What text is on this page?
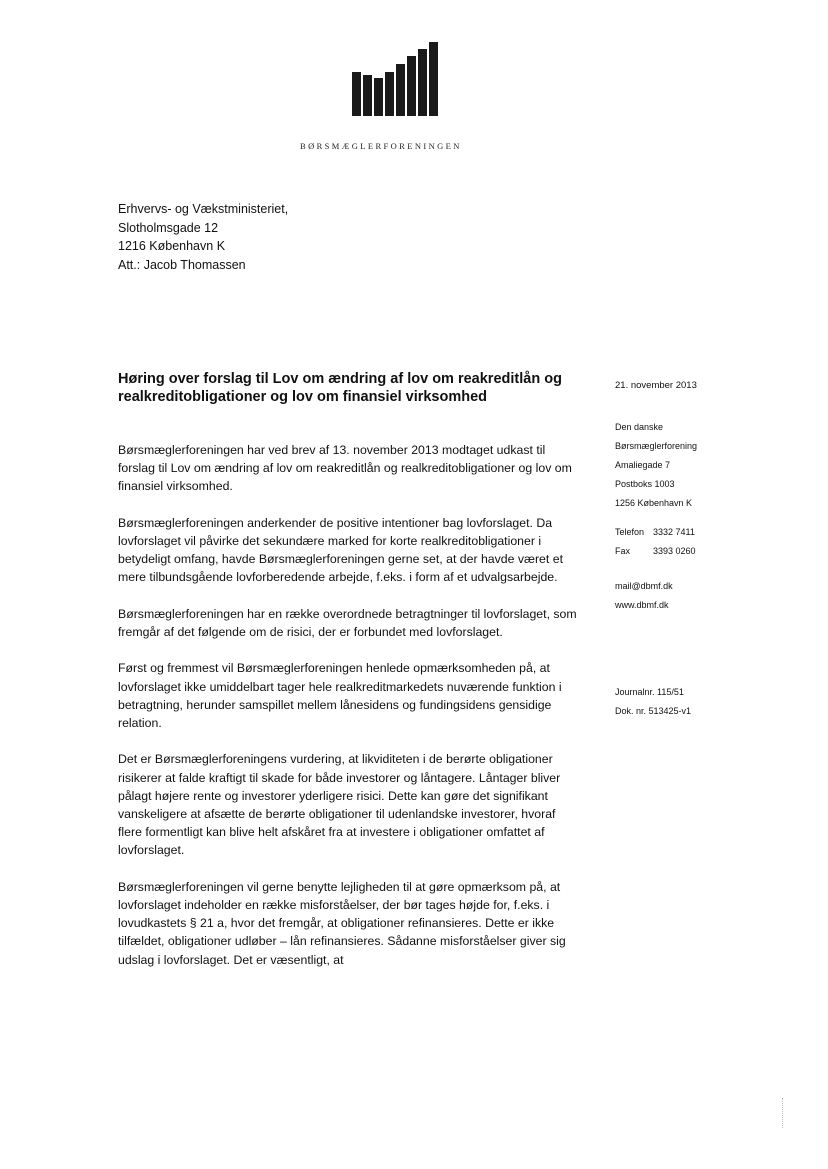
BØRSMÆGLERFORENINGEN
Erhvervs- og Vækstministeriet,
Slotholmsgade 12
1216 København K
Att.: Jacob Thomassen
Høring over forslag til Lov om ændring af lov om reakreditlån og realkreditobligationer og lov om finansiel virksomhed

Børsmæglerforeningen har ved brev af 13. november 2013 modtaget udkast til forslag til Lov om ændring af lov om reakreditlån og realkreditobligationer og lov om finansiel virksomhed.

Børsmæglerforeningen anderkender de positive intentioner bag lovforslaget. Da lovforslaget vil påvirke det sekundære marked for korte realkreditobligationer i betydeligt omfang, havde Børsmæglerforeningen gerne set, at der havde været et mere tilbundsgående lovforberedende arbejde, f.eks. i form af et udvalgsarbejde.

Børsmæglerforeningen har en række overordnede betragtninger til lovforslaget, som fremgår af det følgende om de risici, der er forbundet med lovforslaget.

Først og fremmest vil Børsmæglerforeningen henlede opmærksomheden på, at lovforslaget ikke umiddelbart tager hele realkreditmarkedets nuværende funktion i betragtning, herunder samspillet mellem lånesidens og fundingsidens gensidige relation.

Det er Børsmæglerforeningens vurdering, at likviditeten i de berørte obligationer risikerer at falde kraftigt til skade for både investorer og låntagere. Låntager bliver pålagt højere rente og investorer yderligere risici. Dette kan gøre det signifikant vanskeligere at afsætte de berørte obligationer til udenlandske investorer, hvoraf flere formentligt kan blive helt afskåret fra at investere i obligationer omfattet af lovforslaget.

Børsmæglerforeningen vil gerne benytte lejligheden til at gøre opmærksom på, at lovforslaget indeholder en række misforståelser, der bør tages højde for, f.eks. i lovudkastets § 21 a, hvor det fremgår, at obligationer refinansieres. Dette er ikke tilfældet, obligationer udløber – lån refinansieres. Sådanne misforståelser giver sig udslag i lovforslaget. Det er væsentligt, at

21. november 2013
Den danske
Børsmæglerforening
Amaliegade 7
Postboks 1003
1256 København K
Telefon 3332 7411
Fax	3393 0260
mail@dbmf.dk
www.dbmf.dk
Journalnr. 115/51
Dok. nr. 513425-v1
